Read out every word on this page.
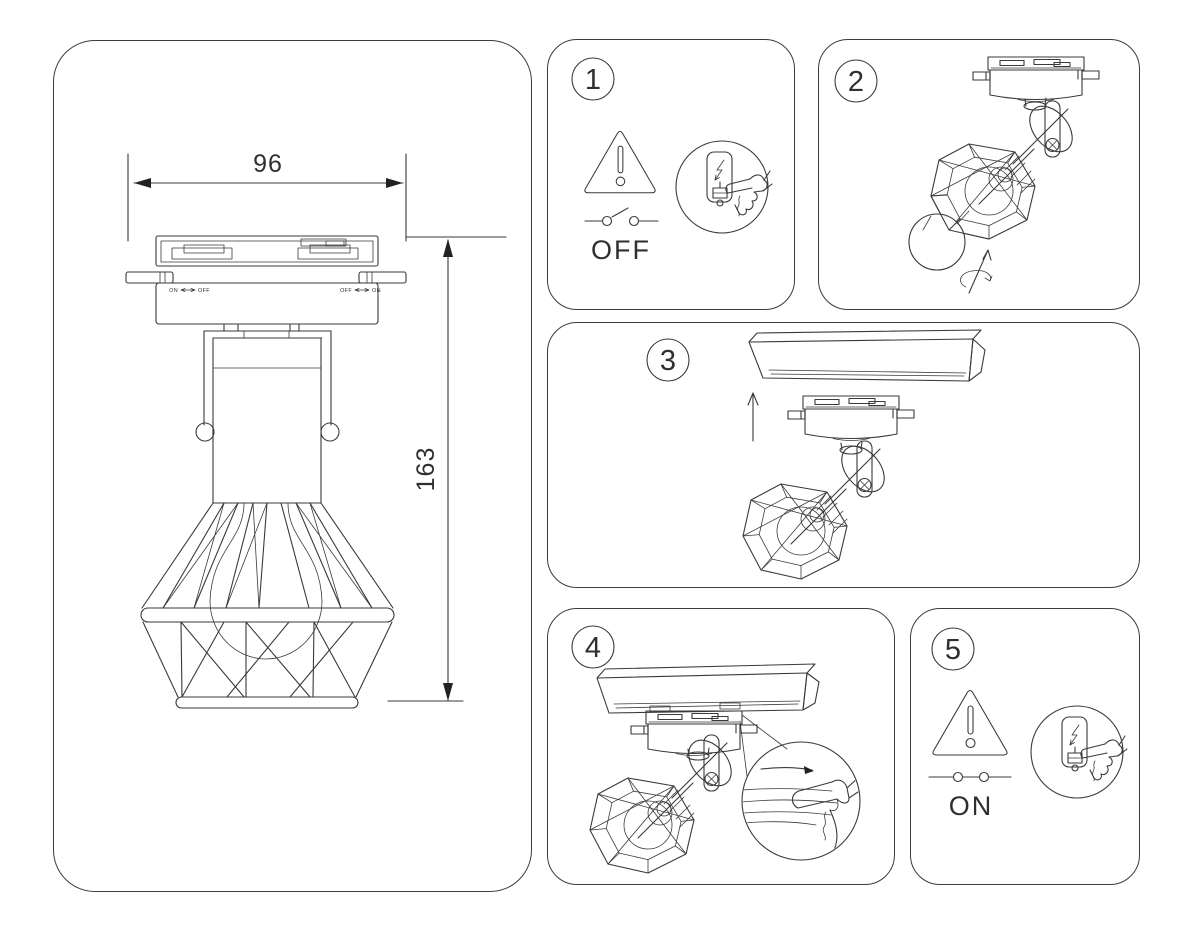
96
163
ON	OFF	OFF	ON
1
OFF
2
3
4	5
ON
